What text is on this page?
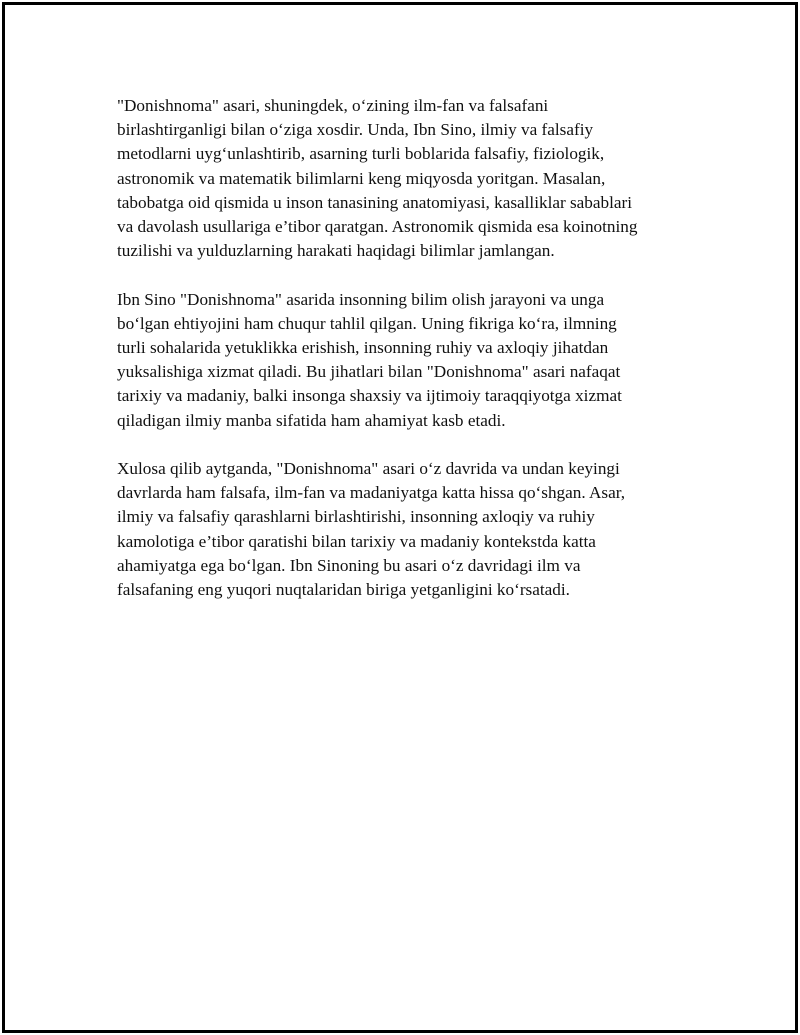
"Donishnoma" asari, shuningdek, o‘zining ilm-fan va falsafani
birlashtirganligi bilan o‘ziga xosdir. Unda, Ibn Sino, ilmiy va falsafiy
metodlarni uyg‘unlashtirib, asarning turli boblarida falsafiy, fiziologik,
astronomik va matematik bilimlarni keng miqyosda yoritgan. Masalan,
tabobatga oid qismida u inson tanasining anatomiyasi, kasalliklar sabablari
va davolash usullariga e’tibor qaratgan. Astronomik qismida esa koinotning
tuzilishi va yulduzlarning harakati haqidagi bilimlar jamlangan.

Ibn Sino "Donishnoma" asarida insonning bilim olish jarayoni va unga
bo‘lgan ehtiyojini ham chuqur tahlil qilgan. Uning fikriga ko‘ra, ilmning
turli sohalarida yetuklikka erishish, insonning ruhiy va axloqiy jihatdan
yuksalishiga xizmat qiladi. Bu jihatlari bilan "Donishnoma" asari nafaqat
tarixiy va madaniy, balki insonga shaxsiy va ijtimoiy taraqqiyotga xizmat
qiladigan ilmiy manba sifatida ham ahamiyat kasb etadi.

Xulosa qilib aytganda, "Donishnoma" asari o‘z davrida va undan keyingi
davrlarda ham falsafa, ilm-fan va madaniyatga katta hissa qo‘shgan. Asar,
ilmiy va falsafiy qarashlarni birlashtirishi, insonning axloqiy va ruhiy
kamolotiga e’tibor qaratishi bilan tarixiy va madaniy kontekstda katta
ahamiyatga ega bo‘lgan. Ibn Sinoning bu asari o‘z davridagi ilm va
falsafaning eng yuqori nuqtalaridan biriga yetganligini ko‘rsatadi.
